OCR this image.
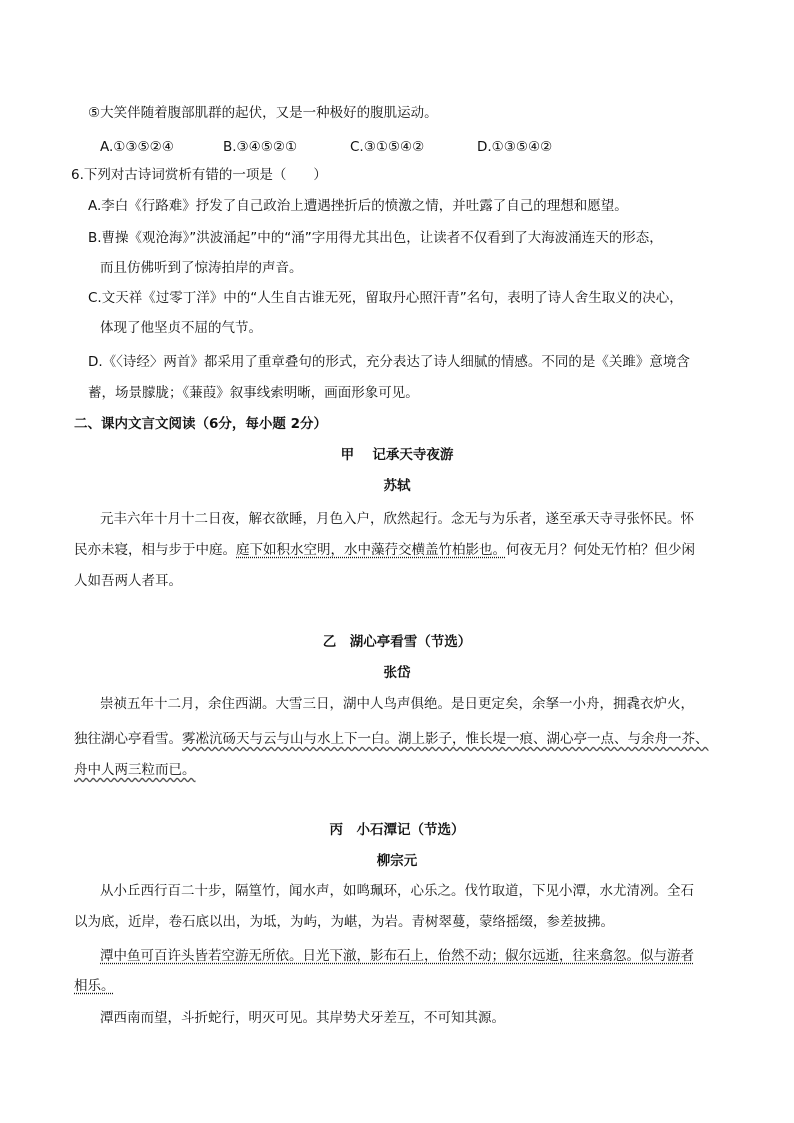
⑤大笑伴随着腹部肌群的起伏，又是一种极好的腹肌运动。
A.①③⑤②④	B.③④⑤②①	C.③①⑤④②	D.①③⑤④②
6.下列对古诗词赏析有错的一项是（　　）
A.李白《行路难》抒发了自己政治上遭遇挫折后的愤激之情，并吐露了自己的理想和愿望。
B.曹操《观沧海》”洪波涌起”中的“涌”字用得尤其出色，让读者不仅看到了大海波涌连天的形态，
而且仿佛听到了惊涛拍岸的声音。
C.文天祥《过零丁洋》中的“人生自古谁无死，留取丹心照汗青”名句，表明了诗人舍生取义的决心，
体现了他坚贞不屈的气节。
D.《〈诗经〉两首》都采用了重章叠句的形式，充分表达了诗人细腻的情感。不同的是《关雎》意境含
蓄，场景朦胧；《蒹葭》叙事线索明晰，画面形象可见。
二、课内文言文阅读（6分，每小题 2分）
甲　 记承天寺夜游
苏轼
元丰六年十月十二日夜，解衣欲睡，月色入户，欣然起行。念无与为乐者，遂至承天寺寻张怀民。怀
民亦未寝，相与步于中庭。庭下如积水空明，水中藻荇交横盖竹柏影也。何夜无月？何处无竹柏？但少闲
人如吾两人者耳。
乙　湖心亭看雪（节选）
张岱
崇祯五年十二月，余住西湖。大雪三日，湖中人鸟声俱绝。是日更定矣，余拏一小舟，拥毳衣炉火，
独往湖心亭看雪。雾凇沆砀天与云与山与水上下一白。湖上影子，惟长堤一痕、湖心亭一点、与余舟一芥、
舟中人两三粒而已。
丙　小石潭记（节选）
柳宗元
从小丘西行百二十步，隔篁竹，闻水声，如鸣珮环，心乐之。伐竹取道，下见小潭，水尤清冽。全石
以为底，近岸，卷石底以出，为坻，为屿，为嵁，为岩。青树翠蔓，蒙络摇缀，参差披拂。
潭中鱼可百许头皆若空游无所依。日光下澈，影布石上，佁然不动；俶尔远逝，往来翕忽。似与游者
相乐。
潭西南而望，斗折蛇行，明灭可见。其岸势犬牙差互，不可知其源。
